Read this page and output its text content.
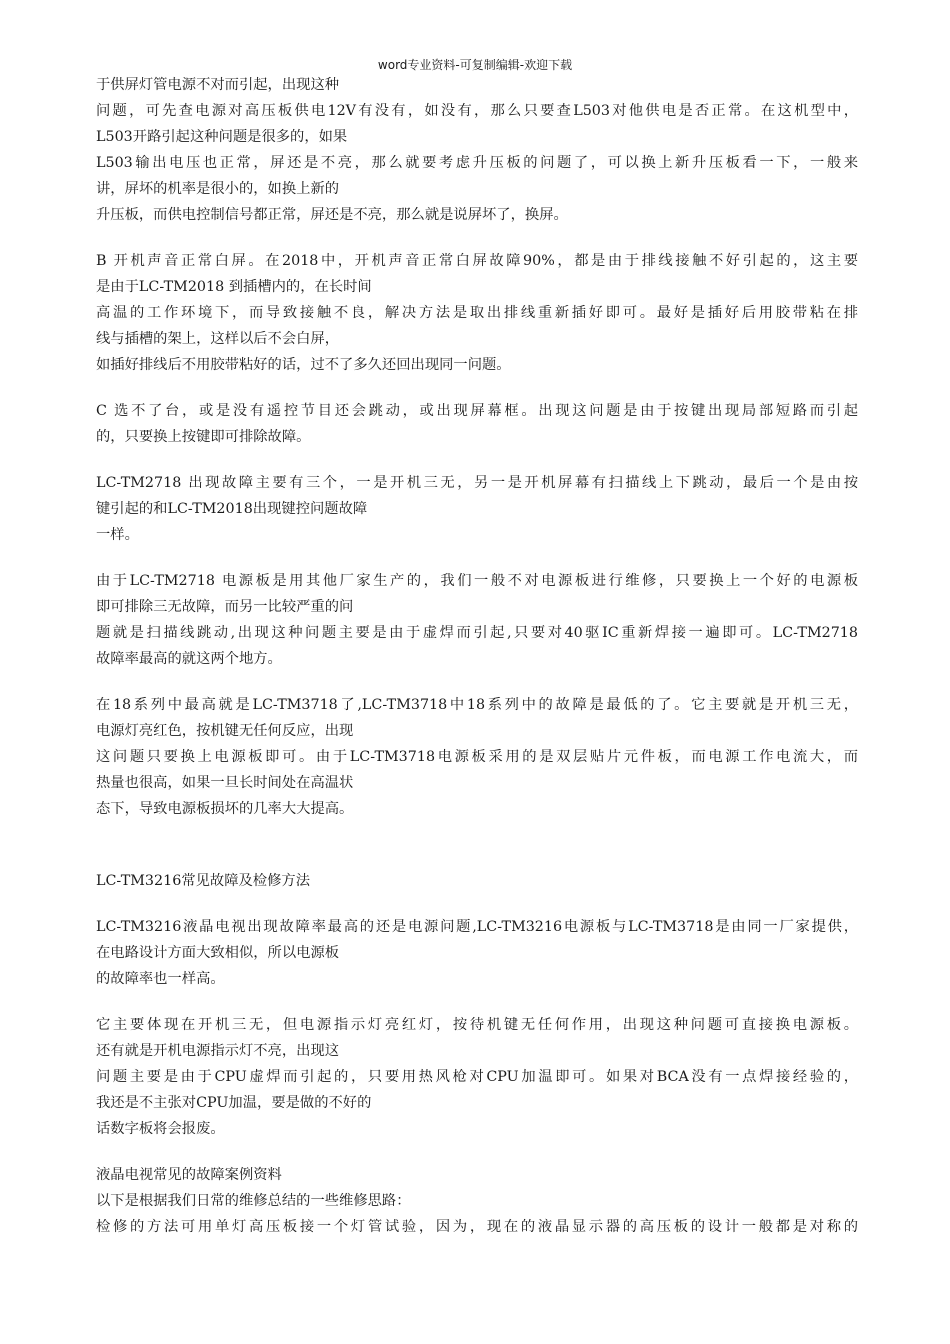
word专业资料-可复制编辑-欢迎下载
于供屏灯管电源不对而引起，出现这种
问题，可先查电源对高压板供电12V有没有，如没有，那么只要查L503对他供电是否正常。在这机型中，
L503开路引起这种问题是很多的，如果
L503输出电压也正常，屏还是不亮，那么就要考虑升压板的问题了，可以换上新升压板看一下，一般来
讲，屏坏的机率是很小的，如换上新的
升压板，而供电控制信号都正常，屏还是不亮，那么就是说屏坏了，换屏。
B 开机声音正常白屏。在2018中，开机声音正常白屏故障90%，都是由于排线接触不好引起的，这主要
是由于LC-TM2018 到插槽内的，在长时间
高温的工作环境下，而导致接触不良，解决方法是取出排线重新插好即可。最好是插好后用胶带粘在排
线与插槽的架上，这样以后不会白屏，
如插好排线后不用胶带粘好的话，过不了多久还回出现同一问题。
C 选不了台，或是没有遥控节目还会跳动，或出现屏幕框。出现这问题是由于按键出现局部短路而引起
的，只要换上按键即可排除故障。
LC-TM2718 出现故障主要有三个，一是开机三无，另一是开机屏幕有扫描线上下跳动，最后一个是由按
键引起的和LC-TM2018出现键控问题故障
一样。
由于LC-TM2718 电源板是用其他厂家生产的，我们一般不对电源板进行维修，只要换上一个好的电源板
即可排除三无故障，而另一比较严重的问
题就是扫描线跳动,出现这种问题主要是由于虚焊而引起,只要对40驱IC重新焊接一遍即可。LC-TM2718
故障率最高的就这两个地方。
在18系列中最高就是LC-TM3718了,LC-TM3718中18系列中的故障是最低的了。它主要就是开机三无，
电源灯亮红色，按机键无任何反应，出现
这问题只要换上电源板即可。由于LC-TM3718电源板采用的是双层贴片元件板，而电源工作电流大，而
热量也很高，如果一旦长时间处在高温状
态下，导致电源板损坏的几率大大提高。
LC-TM3216常见故障及检修方法
LC-TM3216液晶电视出现故障率最高的还是电源问题,LC-TM3216电源板与LC-TM3718是由同一厂家提供，
在电路设计方面大致相似，所以电源板
的故障率也一样高。
它主要体现在开机三无，但电源指示灯亮红灯，按待机键无任何作用，出现这种问题可直接换电源板。
还有就是开机电源指示灯不亮，出现这
问题主要是由于CPU虚焊而引起的，只要用热风枪对CPU加温即可。如果对BCA没有一点焊接经验的，
我还是不主张对CPU加温，要是做的不好的
话数字板将会报废。
液晶电视常见的故障案例资料
以下是根据我们日常的维修总结的一些维修思路：
检修的方法可用单灯高压板接一个灯管试验，因为，现在的液晶显示器的高压板的设计一般都是对称的
